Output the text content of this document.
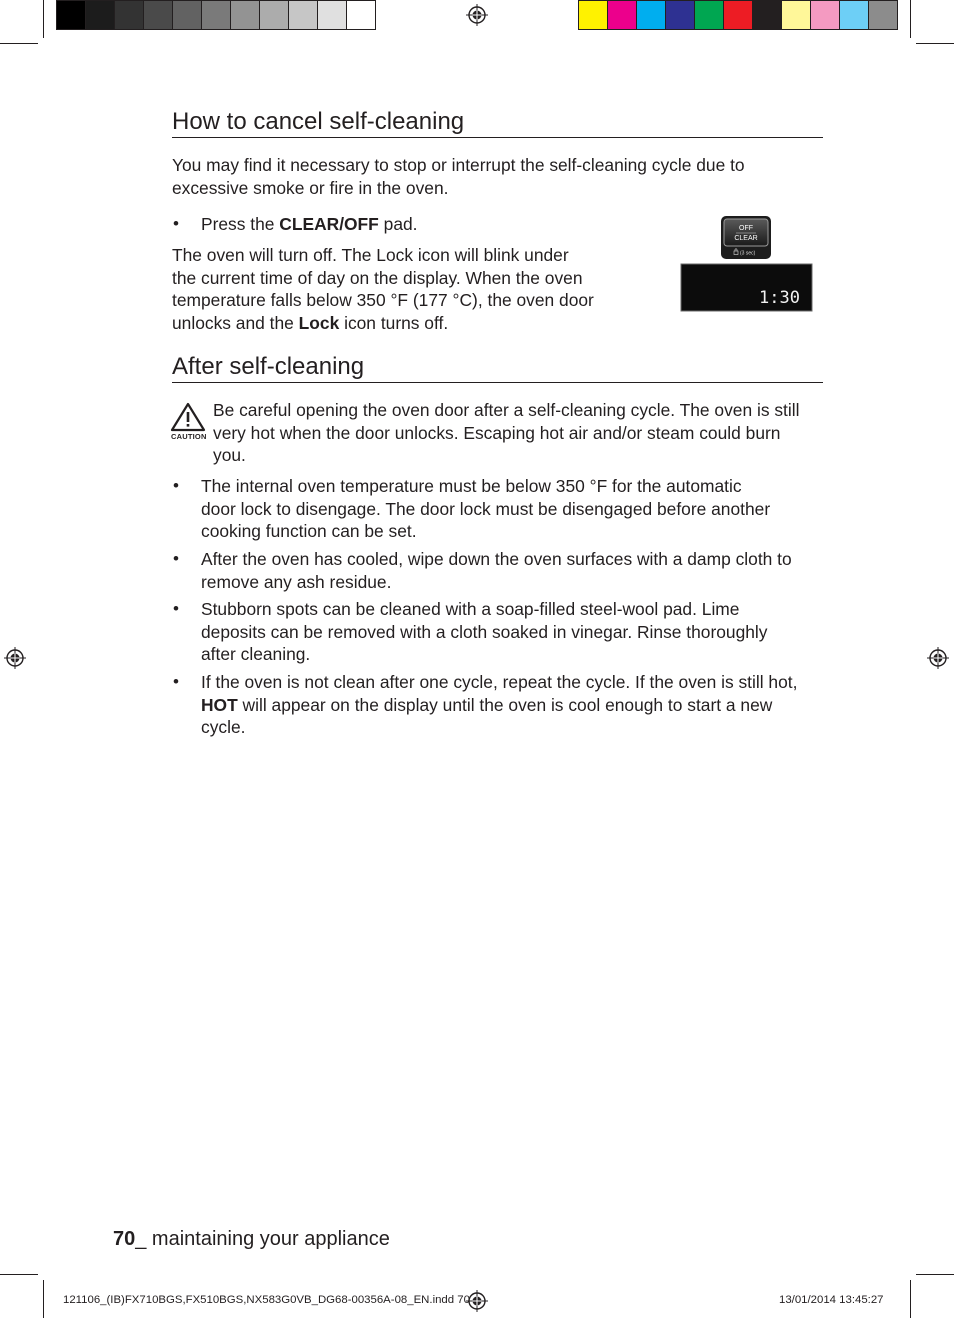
How to cancel self-cleaning
You may find it necessary to stop or interrupt the self-cleaning cycle due to
excessive smoke or fire in the oven.
• Press the CLEAR/OFF pad.
The oven will turn off. The Lock icon will blink under
the current time of day on the display. When the oven
temperature falls below 350 °F (177 °C), the oven door
unlocks and the Lock icon turns off.
OFF
CLEAR
(3 sec)
1:30
After self-cleaning
CAUTION
Be careful opening the oven door after a self-cleaning cycle. The oven is still
very hot when the door unlocks. Escaping hot air and/or steam could burn
you.
• The internal oven temperature must be below 350 °F for the automatic
door lock to disengage. The door lock must be disengaged before another
cooking function can be set.
• After the oven has cooled, wipe down the oven surfaces with a damp cloth to
remove any ash residue.
• Stubborn spots can be cleaned with a soap-filled steel-wool pad. Lime
deposits can be removed with a cloth soaked in vinegar. Rinse thoroughly
after cleaning.
• If the oven is not clean after one cycle, repeat the cycle. If the oven is still hot,
HOT will appear on the display until the oven is cool enough to start a new
cycle.
70_ maintaining your appliance
121106_(IB)FX710BGS,FX510BGS,NX583G0VB_DG68-00356A-08_EN.indd 70	13/01/2014 13:45:27
